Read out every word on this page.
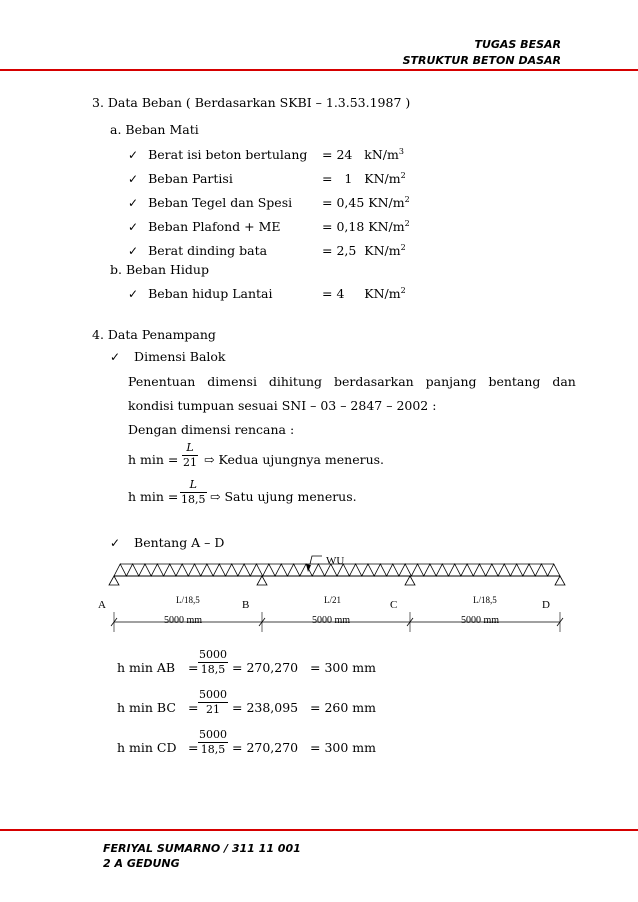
TUGAS BESAR
STRUKTUR BETON DASAR
3. Data Beban ( Berdasarkan SKBI – 1.3.53.1987 )
a. Beban Mati
✓ Berat isi beton bertulang = 24   $kN/m^3$
✓ Beban Partisi	=   1   $KN/m^2$
✓ Beban Tegel dan Spesi = 0,45 $KN/m^2$
✓ Beban Plafond + ME	= 0,18 $KN/m^2$
✓ Berat dinding bata	= 2,5  $KN/m^2$
b. Beban Hidup
✓ Beban hidup Lantai	= 4     $KN/m^2$
4. Data Penampang
✓ Dimensi Balok
Penentuan   dimensi   dihitung   berdasarkan   panjang   bentang   dan
kondisi tumpuan sesuai SNI – 03 – 2847 – 2002 :
Dengan dimensi rencana :
h min =
L
21 ⇨ Kedua ujungnya menerus.
h min =
L
18,5 ⇨ Satu ujung menerus.
✓ Bentang A – D
WU
A	B	C	D
L/18,5	L/21	L/18,5
5000 mm	5000 mm	5000 mm
h min AB =
5000
18,5 = 270,270 = 300 mm
h min BC =
5000
21 = 238,095 = 260 mm
h min CD =
5000
18,5 = 270,270 = 300 mm
FERIYAL SUMARNO / 311 11 001
2 A GEDUNG
